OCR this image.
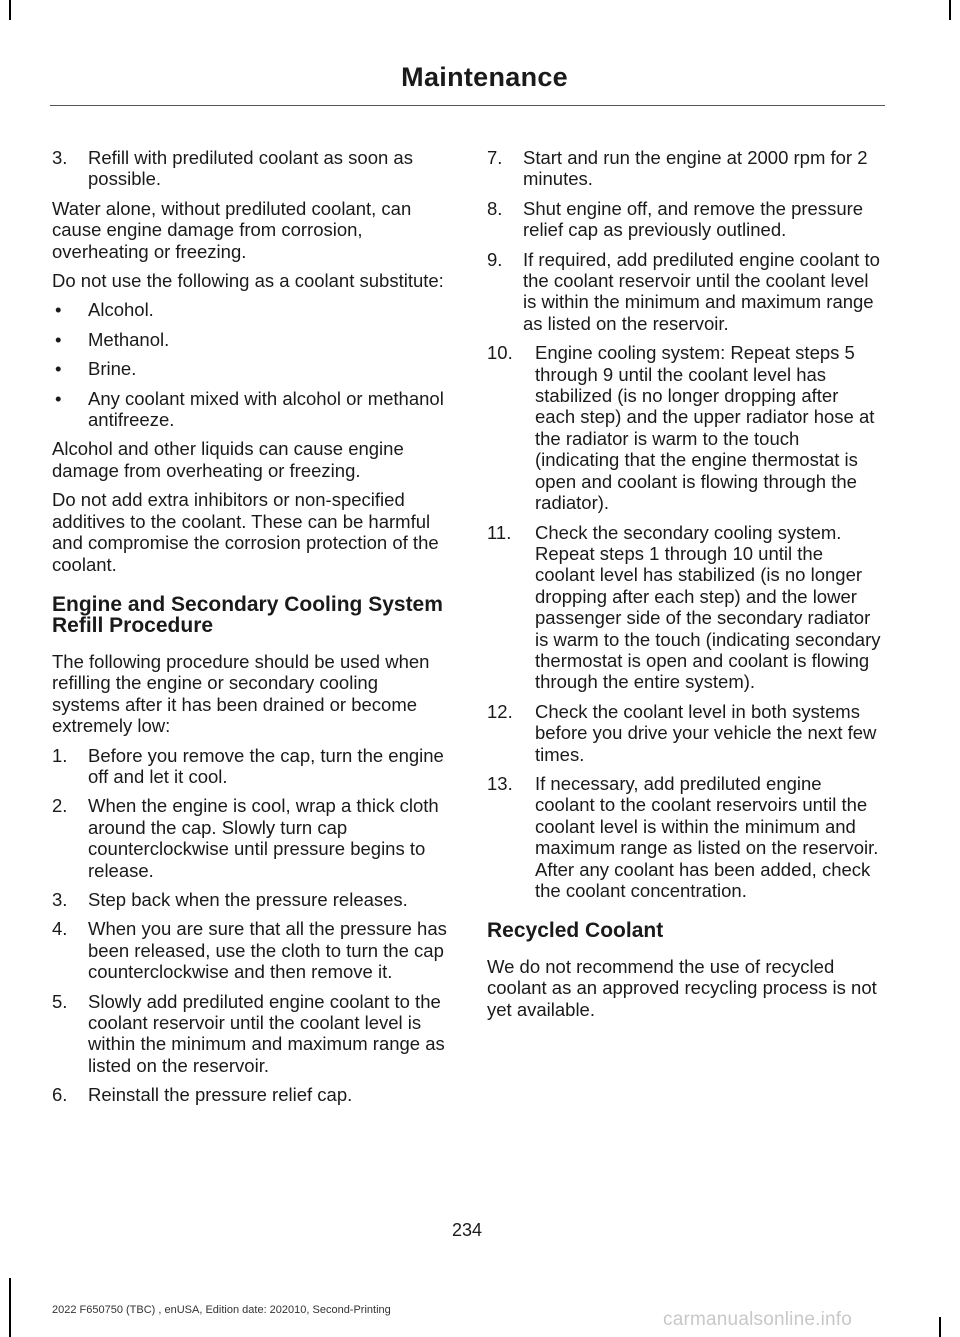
Maintenance
3.	Refill with prediluted coolant as soon as possible.

Water alone, without prediluted coolant, can cause engine damage from corrosion, overheating or freezing.

Do not use the following as a coolant substitute:

•	Alcohol.
•	Methanol.
•	Brine.
•	Any coolant mixed with alcohol or methanol antifreeze.

Alcohol and other liquids can cause engine damage from overheating or freezing.

Do not add extra inhibitors or non-specified additives to the coolant. These can be harmful and compromise the corrosion protection of the coolant.

Engine and Secondary Cooling System Refill Procedure

The following procedure should be used when refilling the engine or secondary cooling systems after it has been drained or become extremely low:

1.	Before you remove the cap, turn the engine off and let it cool.
2.	When the engine is cool, wrap a thick cloth around the cap. Slowly turn cap counterclockwise until pressure begins to release.
3.	Step back when the pressure releases.
4.	When you are sure that all the pressure has been released, use the cloth to turn the cap counterclockwise and then remove it.
5.	Slowly add prediluted engine coolant to the coolant reservoir until the coolant level is within the minimum and maximum range as listed on the reservoir.
6.	Reinstall the pressure relief cap.
7.	Start and run the engine at 2000 rpm for 2 minutes.
8.	Shut engine off, and remove the pressure relief cap as previously outlined.
9.	If required, add prediluted engine coolant to the coolant reservoir until the coolant level is within the minimum and maximum range as listed on the reservoir.
10.	Engine cooling system: Repeat steps 5 through 9 until the coolant level has stabilized (is no longer dropping after each step) and the upper radiator hose at the radiator is warm to the touch (indicating that the engine thermostat is open and coolant is flowing through the radiator).
11.	Check the secondary cooling system. Repeat steps 1 through 10 until the coolant level has stabilized (is no longer dropping after each step) and the lower passenger side of the secondary radiator is warm to the touch (indicating secondary thermostat is open and coolant is flowing through the entire system).
12.	Check the coolant level in both systems before you drive your vehicle the next few times.
13.	If necessary, add prediluted engine coolant to the coolant reservoirs until the coolant level is within the minimum and maximum range as listed on the reservoir. After any coolant has been added, check the coolant concentration.
Recycled Coolant

We do not recommend the use of recycled coolant as an approved recycling process is not yet available.

234
2022 F650750 (TBC) , enUSA, Edition date: 202010, Second-Printing	carmanualsonline.info
